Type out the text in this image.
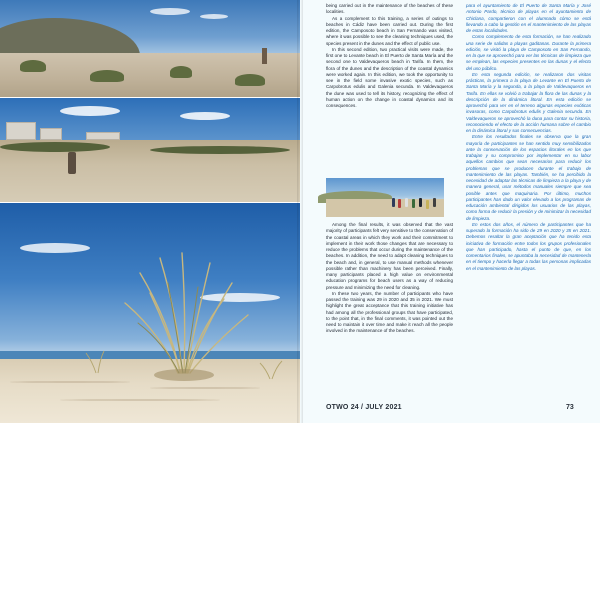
72	OTWO 24 / JULY 2021

being carried out in the maintenance of the beaches of these localities.

As a complement to this training, a series of outings to beaches in Cádiz have been carried out. During the first edition, the Camposoto beach in San Fernando was visited, where it was possible to see the cleaning techniques used, the species present in the dunes and the effect of public use.

In this second edition, two practical visits were made, the first one to Levante beach in El Puerto de Santa María and the second one to Valdevaqueros beach in Tarifa. In them, the flora of the dunes and the description of the coastal dynamics were worked again. In this edition, we took the opportunity to see in the field some invasive exotic species, such as Carpobrotus edulis and Galenia secunda. In Valdevaqueros the dune was used to tell its history, recognizing the effect of human action on the change in coastal dynamics and its consequences.

Among the final results, it was observed that the vast majority of participants felt very sensitive to the conservation of the coastal areas in which they work and their commitment to implement in their work those changes that are necessary to reduce the problems that occur during the maintenance of the beaches. In addition, the need to adapt cleaning techniques to the beach and, in general, to use manual methods whenever possible rather than machinery has been perceived. Finally, many participants placed a high value on environmental education programs for beach users as a way of reducing pressure and minimizing the need for cleaning.

In these two years, the number of participants who have passed the training was 29 in 2020 and 35 in 2021. We must highlight the great acceptance that this training initiative has had among all the professional groups that have participated, to the point that, in the final comments, it was pointed out the need to maintain it over time and make it reach all the people involved in the maintenance of the beaches.

para el ayuntamiento de El Puerto de Santa María y José Antonio Pardo, técnico de playas en el ayuntamiento de Chiclana, compartieron con el alumnado cómo se está llevando a cabo la gestión en el mantenimiento de las playas de estas localidades.

Como complemento de esta formación, se han realizado una serie de salidas a playas gaditanas. Durante la primera edición, se visitó la playa de Camposoto en San Fernando, en la que se aprovechó para ver las técnicas de limpieza que se emplean, las especies presentes en las dunas y el efecto del uso público.

En esta segunda edición, se realizaron dos visitas prácticas, la primera a la playa de Levante en El Puerto de Santa María y la segunda, a la playa de Valdevaqueros en Tarifa. En ellas se volvió a trabajar la flora de las dunas y la descripción de la dinámica litoral. En esta edición se aprovechó para ver en el terreno algunas especies exóticas invasoras, como Carpobrotus edulis y Galenia secunda. En Valdevaqueros se aprovechó la duna para contar su historia, reconociendo el efecto de la acción humana sobre el cambio en la dinámica litoral y sus consecuencias.

Entre los resultados finales se observa que la gran mayoría de participantes se han sentido muy sensibilizados ante la conservación de los espacios litorales en los que trabajan y su compromiso por implementar en su labor aquellos cambios que sean necesarios para reducir los problemas que se producen durante el trabajo de mantenimiento de las playas. También, se ha percibido la necesidad de adaptar las técnicas de limpieza a la playa y de manera general, usar métodos manuales siempre que sea posible antes que maquinaria. Por último, muchos participantes han dado un valor elevado a los programas de educación ambiental dirigidos los usuarios de las playas, como forma de reducir la presión y de minimizar la necesidad de limpieza.

En estos dos años, el número de participantes que ha superado la formación ha sido de 29 en 2020 y 35 en 2021. Debemos resaltar la gran aceptación que ha tenido esta iniciativa de formación entre todos los grupos profesionales que han participado, hasta el punto de que, en los comentarios finales, se apuntaba la necesidad de mantenerla en el tiempo y hacerla llegar a todas las personas implicadas en el mantenimiento de las playas.

OTWO 24 / JULY 2021	73
